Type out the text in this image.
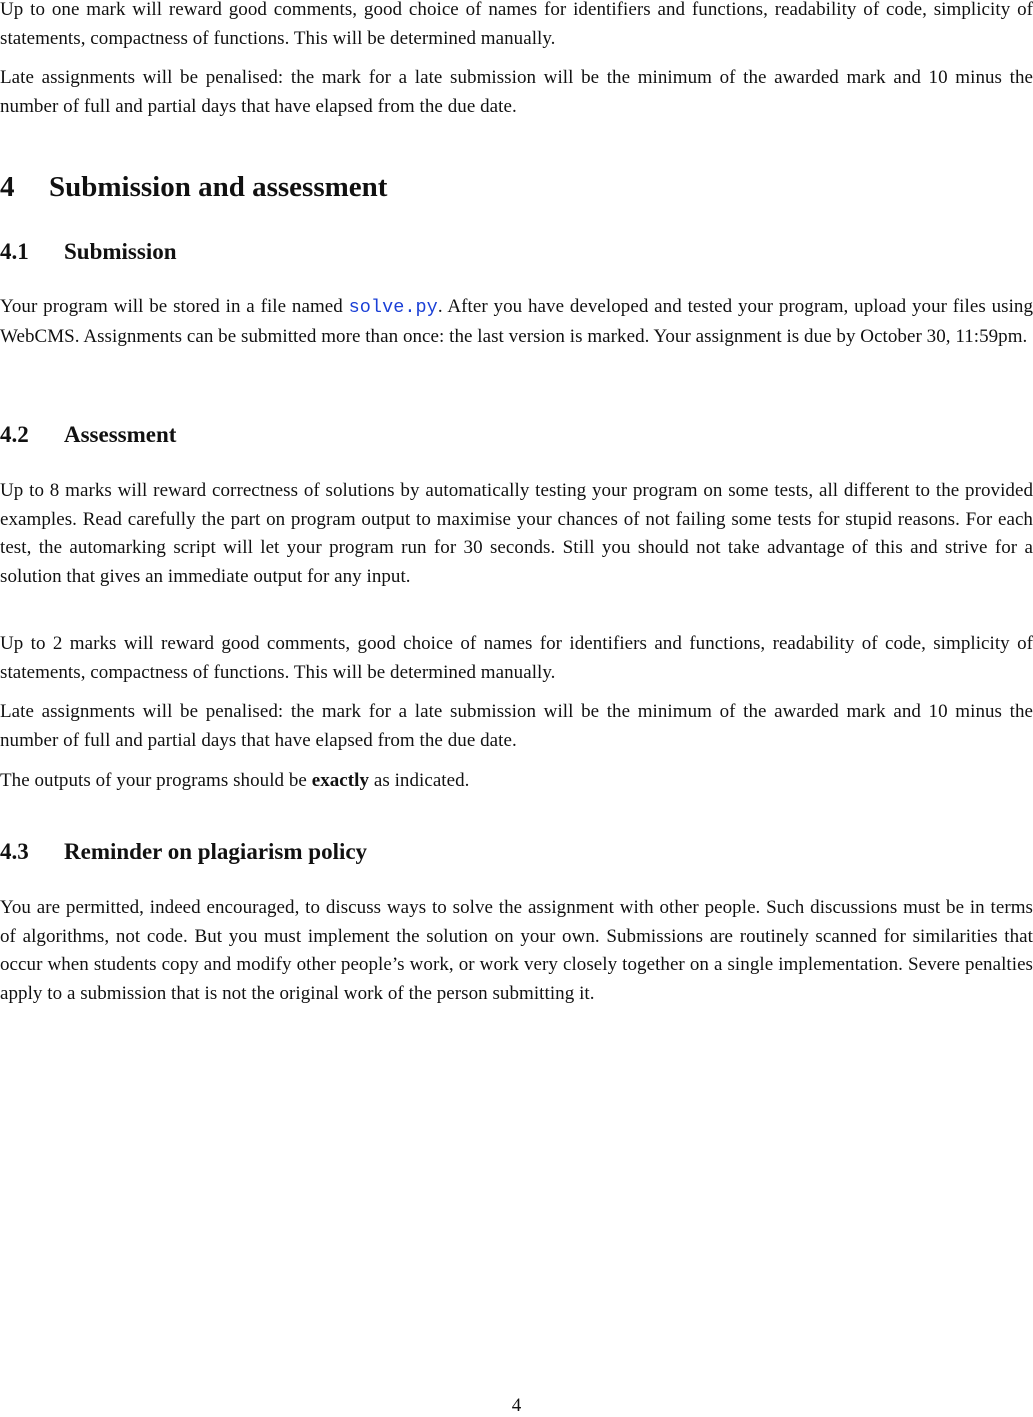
Up to one mark will reward good comments, good choice of names for identifiers and functions, readability of code, simplicity of statements, compactness of functions. This will be determined manually.

Late assignments will be penalised: the mark for a late submission will be the minimum of the awarded mark and 10 minus the number of full and partial days that have elapsed from the due date.

4 Submission and assessment
4.1 Submission

Your program will be stored in a file named solve.py. After you have developed and tested your program, upload your files using WebCMS. Assignments can be submitted more than once: the last version is marked. Your assignment is due by October 30, 11:59pm.

4.2 Assessment

Up to 8 marks will reward correctness of solutions by automatically testing your program on some tests, all different to the provided examples. Read carefully the part on program output to maximise your chances of not failing some tests for stupid reasons. For each test, the automarking script will let your program run for 30 seconds. Still you should not take advantage of this and strive for a solution that gives an immediate output for any input.

Up to 2 marks will reward good comments, good choice of names for identifiers and functions, readability of code, simplicity of statements, compactness of functions. This will be determined manually.

Late assignments will be penalised: the mark for a late submission will be the minimum of the awarded mark and 10 minus the number of full and partial days that have elapsed from the due date.

The outputs of your programs should be exactly as indicated.

4.3 Reminder on plagiarism policy

You are permitted, indeed encouraged, to discuss ways to solve the assignment with other people. Such discussions must be in terms of algorithms, not code. But you must implement the solution on your own. Submissions are routinely scanned for similarities that occur when students copy and modify other people’s work, or work very closely together on a single implementation. Severe penalties apply to a submission that is not the original work of the person submitting it.

4
